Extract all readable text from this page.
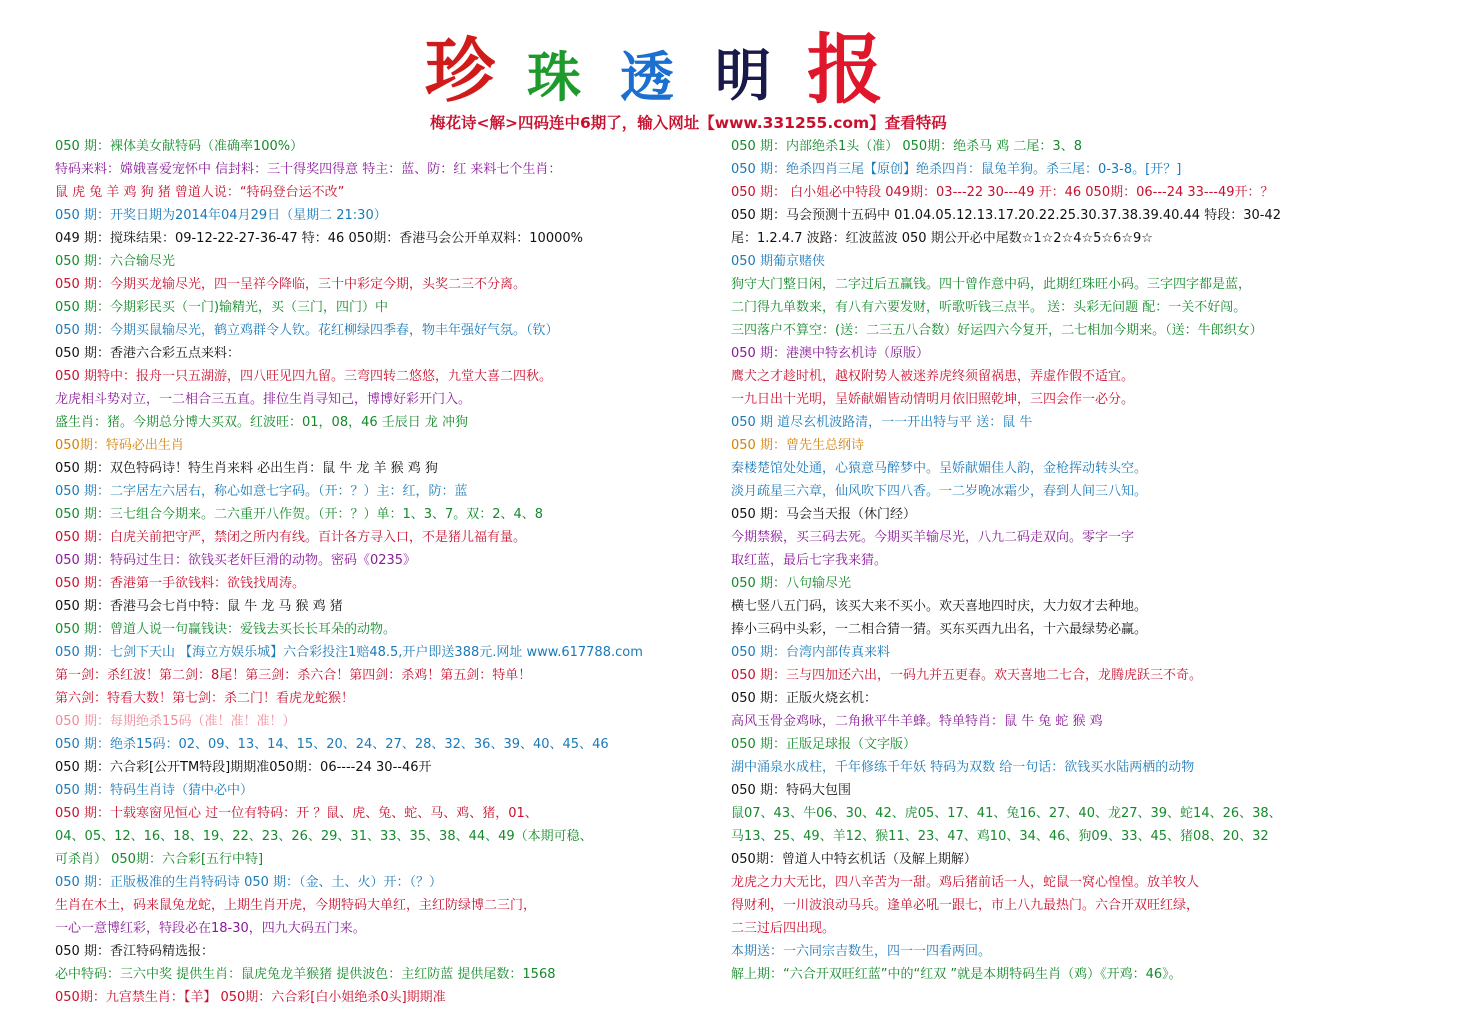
珍 珠 透 明 报
梅花诗<解>四码连中6期了，输入网址【www.331255.com】查看特码
050 期：裸体美女献特码（准确率100%）
特码来料：嫦娥喜爱宠怀中 信封料：三十得奖四得意 特主：蓝、防：红 来料七个生肖：
鼠 虎 兔 羊 鸡 狗 猪 曾道人说：“特码登台运不改”
050 期：开奖日期为2014年04月29日（星期二 21:30）
049 期：搅珠结果：09-12-22-27-36-47 特：46 050期：香港马会公开单双料：10000%
050 期：六合输尽光
050 期：今期买龙输尽光，四一呈祥今降临，三十中彩定今期，头奖二三不分离。
050 期：今期彩民买（一门)输精光，买（三门，四门）中
050 期：今期买鼠输尽光，鹤立鸡群令人钦。花红柳绿四季春，物丰年强好气氛。（钦）
050 期：香港六合彩五点来料：
050 期特中：报舟一只五湖游，四八旺见四九留。三弯四转二悠悠，九堂大喜二四秋。
龙虎相斗势对立，一二相合三五直。排位生肖寻知己，博博好彩开门入。
盛生肖：猪。今期总分博大买双。红波旺：01，08，46 壬辰日 龙 冲狗
050期：特码必出生肖
050 期：双色特码诗！特生肖来料 必出生肖：鼠 牛 龙 羊 猴 鸡 狗
050 期：二字居左六居右，称心如意七字码。（开：？）主：红，防：蓝
050 期：三七组合今期来。二六重开八作贺。（开：？）单：1、3、7。双：2、4、8
050 期：白虎关前把守严，禁闭之所内有线。百计各方寻入口，不是猪儿福有量。
050 期：特码过生日：欲钱买老奸巨滑的动物。密码《0235》
050 期：香港第一手欲钱料：欲钱找周涛。
050 期：香港马会七肖中特：鼠 牛 龙 马 猴 鸡 猪
050 期：曾道人说一句赢钱诀：爱钱去买长长耳朵的动物。
050 期：七剑下天山 【海立方娱乐城】六合彩投注1赔48.5,开户即送388元.网址 www.617788.com
第一剑：杀红波！第二剑：8尾！第三剑：杀六合！第四剑：杀鸡！第五剑：特单！
第六剑：特看大数！第七剑：杀二门！看虎龙蛇猴！
050 期：每期绝杀15码（准！准！准！）
050 期：绝杀15码：02、09、13、14、15、20、24、27、28、32、36、39、40、45、46
050 期：六合彩[公开TM特段]期期准050期：06----24 30--46开
050 期：特码生肖诗（猜中必中）
050 期：十载寒窗见恒心 过一位有特码：开 ？鼠、虎、兔、蛇、马、鸡、猪，01、
04、05、12、16、18、19、22、23、26、29、31、33、35、38、44、49（本期可稳、
可杀肖） 050期：六合彩[五行中特]
050 期：正版极准的生肖特码诗 050 期：（金、土、火）开：（？）
生肖在木土，码来鼠兔龙蛇，上期生肖开虎，今期特码大单红，主红防绿博二三门，
一心一意博红彩，特段必在18-30，四九大码五门来。
050 期：香江特码精选报：
必中特码：三六中奖 提供生肖：鼠虎兔龙羊猴猪 提供波色：主红防蓝 提供尾数：1568
050期：九宫禁生肖：【羊】 050期：六合彩[白小姐绝杀0头]期期准
050 期：内部绝杀1头（准） 050期：绝杀马 鸡 二尾：3、8
050 期：绝杀四肖三尾【原创】绝杀四肖：鼠兔羊狗。杀三尾：0-3-8。[开？]
050 期： 白小姐必中特段 049期：03---22 30---49 开：46 050期：06---24 33---49开：？
050 期：马会预测十五码中 01.04.05.12.13.17.20.22.25.30.37.38.39.40.44 特段：30-42
尾：1.2.4.7 波路：红波蓝波 050 期公开必中尾数☆1☆2☆4☆5☆6☆9☆
050 期葡京赌侠
狗守大门整日闲，二字过后五赢钱。四十曾作意中码，此期红珠旺小码。三字四字都是蓝，
二门得九单数来，有八有六要发财，听歌听钱三点半。 送：头彩无问题 配：一关不好闯。
三四落户不算空：(送：二三五八合数）好运四六今复开，二七相加今期来。（送：牛郎织女）
050 期：港澳中特玄机诗（原版）
鹰犬之才趁时机，越权附势人被迷养虎终须留祸患，弄虚作假不适宜。
一九日出十光明，呈娇献媚皆动情明月依旧照乾坤，三四会作一必分。
050 期 道尽玄机波路清，一一开出特与平 送：鼠 牛
050 期：曾先生总纲诗
秦楼楚馆处处通，心猿意马醉梦中。呈娇献媚佳人韵，金枪挥动转头空。
淡月疏星三六章，仙风吹下四八香。一二岁晚冰霜少，春到人间三八知。
050 期：马会当天报（休门经）
今期禁猴，买三码去死。今期买羊输尽光，八九二码走双向。零字一字
取红蓝，最后七字我来猜。
050 期：八句输尽光
横七竖八五门码，该买大来不买小。欢天喜地四时庆，大力奴才去种地。
捧小三码中头彩，一二相合猜一猜。买东买西九出名，十六最绿势必赢。
050 期：台湾内部传真来料
050 期：三与四加还六出，一码九并五更春。欢天喜地二七合，龙腾虎跃三不奇。
050 期：正版火烧玄机：
高风玉骨金鸡咏，二角揪平牛羊蜂。特单特肖：鼠 牛 兔 蛇 猴 鸡
050 期：正版足球报（文字版）
湖中涌泉水成柱，千年修练千年妖 特码为双数 给一句话：欲钱买水陆两栖的动物
050 期：特码大包围
鼠07、43、牛06、30、42、虎05、17、41、兔16、27、40、龙27、39、蛇14、26、38、
马13、25、49、羊12、猴11、23、47、鸡10、34、46、狗09、33、45、猪08、20、32
050期：曾道人中特玄机话（及解上期解）
龙虎之力大无比，四八辛苦为一甜。鸡后猪前话一人，蛇鼠一窝心惶惶。放羊牧人
得财利，一川波浪动马兵。逢单必吼一跟七，市上八九最热门。六合开双旺红绿，
二三过后四出现。
本期送：一六同宗吉数生，四一一四看两回。
解上期：“六合开双旺红蓝”中的“红双 ”就是本期特码生肖（鸡）《开鸡：46》。
